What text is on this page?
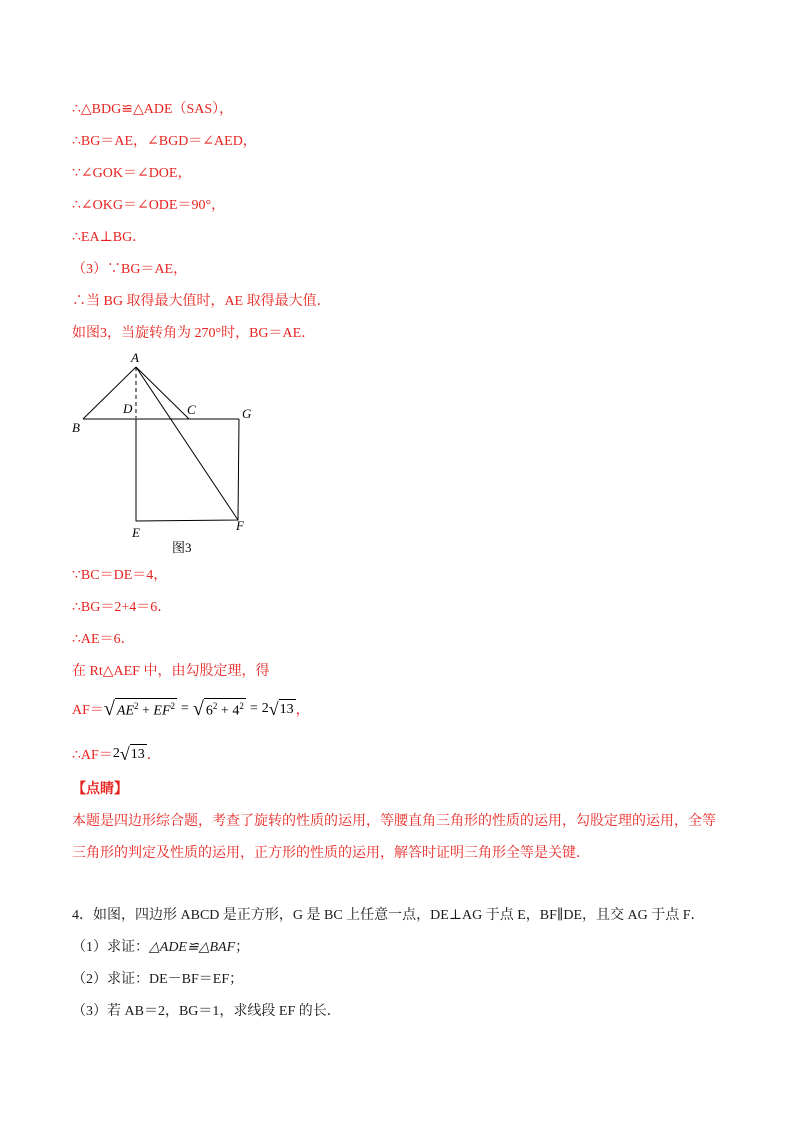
∴△BDG≌△ADE（SAS），
∴BG＝AE，∠BGD＝∠AED，
∵∠GOK＝∠DOE，
∴∠OKG＝∠ODE＝90°，
∴EA⊥BG．
（3）∵BG＝AE，
∴当 BG 取得最大值时，AE 取得最大值．
如图3，当旋转角为 270°时，BG＝AE．
A
B
C
D
E	F
G
图3
∵BC＝DE＝4，
∴BG＝2+4＝6．
∴AE＝6．
在 Rt△AEF 中，由勾股定理，得
AF＝ √ $AE^2 + EF^2$ = √ $6^2 + 4^2 = 2$ √ 13 ，
∴AF＝ 2 √ 13 ．
【点睛】
本题是四边形综合题，考查了旋转的性质的运用，等腰直角三角形的性质的运用，勾股定理的运用，全等三角形的判定及性质的运用，正方形的性质的运用，解答时证明三角形全等是关键．
4．如图，四边形 ABCD 是正方形，G 是 BC 上任意一点，DE⊥AG 于点 E，BF∥DE，且交 AG 于点 F．
（1）求证：△ADE≌△BAF；
（2）求证：DE－BF＝EF；
（3）若 AB＝2，BG＝1，求线段 EF 的长．
